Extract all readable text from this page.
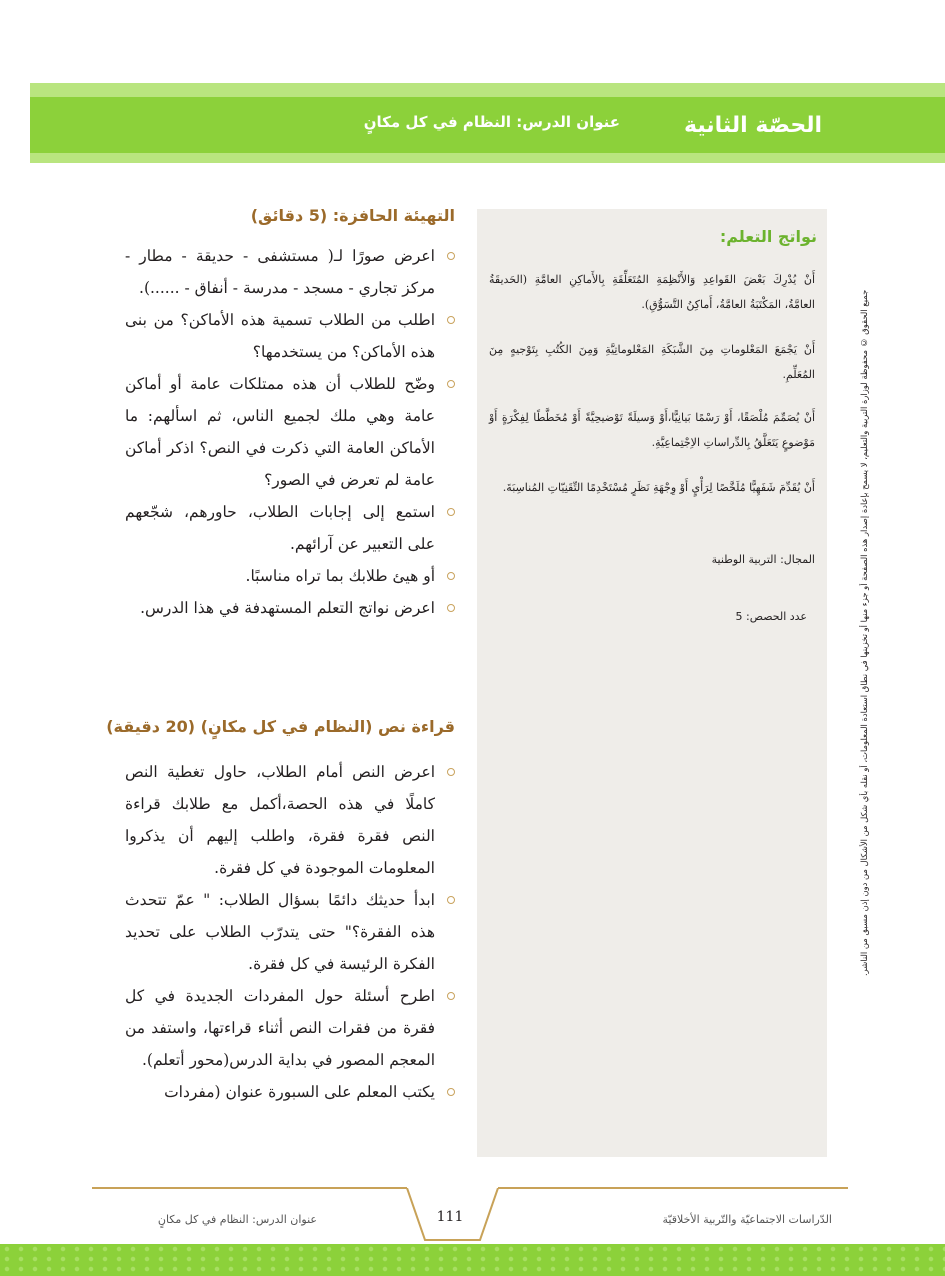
الحصّة الثانية
عنوان الدرس: النظام في كل مكانٍ
نواتج التعلم:
أَنْ يُدْرِكَ بَعْضَ القَواعِدِ وَالأَنْظِمَةِ المُتَعَلِّقَةِ بِالأَماكِنِ العامَّةِ (الحَديقَةُ العامَّةُ، المَكْتَبَةُ العامَّةُ، أَماكِنُ التَّسَوُّقِ).
أَنْ يَجْمَعَ المَعْلوماتِ مِنَ الشَّبَكَةِ المَعْلوماتِيَّةِ وَمِنَ الكُتُبِ بِتَوْجيهٍ مِنَ المُعَلِّمِ.
أَنْ يُصَمِّمَ مُلْصَقًا، أَوْ رَسْمًا بَيانِيًّا،أَوْ وَسيلَةً تَوْضيحِيَّةً أَوْ مُخَطَّطًا لِفِكْرَةٍ أَوْ مَوْضوعٍ يَتَعَلَّقُ بِالدِّراساتِ الاِجْتِماعِيَّةِ.
أَنْ يُقَدِّمَ شَفَهِيًّا مُلَخَّصًا لِرَأْيٍ أَوْ وِجْهَةِ نَظَرٍ مُسْتَخْدِمًا التِّقَنِيّاتِ المُناسِبَةَ.
المجال: التربية الوطنية
عدد الحصص: 5	جميع الحقوق © محفوظة لوزارة التربية والتعليم، لا يسمح بإعادة إصدار هذه الصفحة أو جزء منها أو تخزينها في نطاق استعادة المعلومات، أو نقله بأي شكل من الأشكال من دون إذن مسبق من الناشر.
التهيئة الحافزة: (5 دقائق)
اعرض صورًا لـ( مستشفى - حديقة - مطار - مركز تجاري - مسجد - مدرسة - أنفاق - ......).
اطلب من الطلاب تسمية هذه الأماكن؟ من بنى هذه الأماكن؟ من يستخدمها؟
وضّح للطلاب أن هذه ممتلكات عامة أو أماكن عامة وهي ملك لجميع الناس، ثم اسألهم: ما الأماكن العامة التي ذكرت في النص؟ اذكر أماكن عامة لم تعرض في الصور؟
استمع إلى إجابات الطلاب، حاورهم، شجّعهم على التعبير عن آرائهم.
أو هيئ طلابك بما تراه مناسبًا.
اعرض نواتج التعلم المستهدفة في هذا الدرس.
قراءة نص (النظام في كل مكانٍ) (20 دقيقة)
اعرض النص أمام الطلاب، حاول تغطية النص كاملًا في هذه الحصة،أكمل مع طلابك قراءة النص فقرة فقرة، واطلب إليهم أن يذكروا المعلومات الموجودة في كل فقرة.
ابدأ حديثك دائمًا بسؤال الطلاب: " عمّ تتحدث هذه الفقرة؟" حتى يتدرّب الطلاب على تحديد الفكرة الرئيسة في كل فقرة.
اطرح أسئلة حول المفردات الجديدة في كل فقرة من فقرات النص أثناء قراءتها، واستفد من المعجم المصور في بداية الدرس(محور أتعلم).
يكتب المعلم على السبورة عنوان (مفردات
111	الدّراسات الاجتماعيّة والتّربية الأخلاقيّة
عنوان الدرس: النظام في كل مكانٍ
